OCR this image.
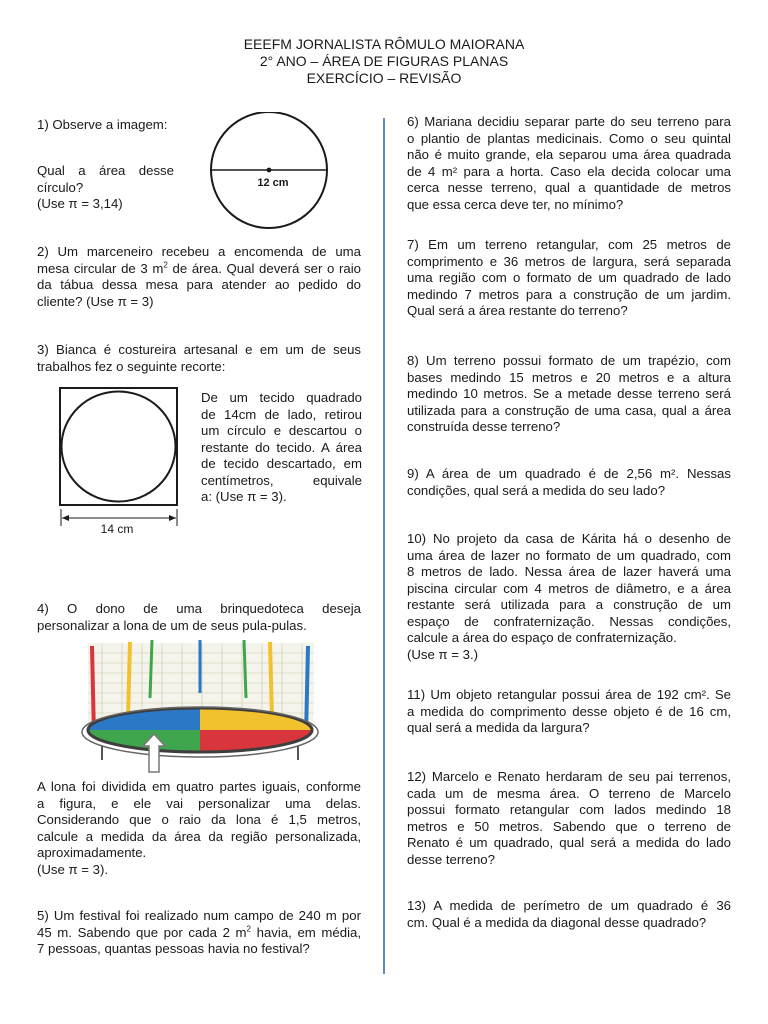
EEEFM JORNALISTA RÔMULO MAIORANA
2° ANO – ÁREA DE FIGURAS PLANAS
EXERCÍCIO – REVISÃO
1) Observe a imagem:
Qual a área desse
círculo?
(Use π = 3,14)
12 cm
2) Um marceneiro recebeu a encomenda de uma
mesa circular de 3 $m^2$ de área. Qual deverá ser o raio
da tábua dessa mesa para atender ao pedido do
cliente? (Use π = 3)
3) Bianca é costureira artesanal e em um de seus
trabalhos fez o seguinte recorte:
14 cm
De um tecido quadrado
de 14cm de lado, retirou
um círculo e descartou o
restante do tecido. A área
de tecido descartado, em
centímetros,	equivale
a: (Use π = 3).
4) O dono de uma brinquedoteca deseja
personalizar a lona de um de seus pula-pulas.
A lona foi dividida em quatro partes iguais, conforme
a figura, e ele vai personalizar uma delas.
Considerando que o raio da lona é 1,5 metros,
calcule a medida da área da região personalizada,
aproximadamente.
(Use π = 3).
5) Um festival foi realizado num campo de 240 m por
45 m. Sabendo que por cada 2 $m^2$ havia, em média,
7 pessoas, quantas pessoas havia no festival?
6) Mariana decidiu separar parte do seu terreno para
o plantio de plantas medicinais. Como o seu quintal
não é muito grande, ela separou uma área quadrada
de 4 m² para a horta. Caso ela decida colocar uma
cerca nesse terreno, qual a quantidade de metros
que essa cerca deve ter, no mínimo?
7) Em um terreno retangular, com 25 metros de
comprimento e 36 metros de largura, será separada
uma região com o formato de um quadrado de lado
medindo 7 metros para a construção de um jardim.
Qual será a área restante do terreno?
8) Um terreno possui formato de um trapézio, com
bases medindo 15 metros e 20 metros e a altura
medindo 10 metros. Se a metade desse terreno será
utilizada para a construção de uma casa, qual a área
construída desse terreno?
9) A área de um quadrado é de 2,56 m². Nessas
condições, qual será a medida do seu lado?
10) No projeto da casa de Kárita há o desenho de
uma área de lazer no formato de um quadrado, com
8 metros de lado. Nessa área de lazer haverá uma
piscina circular com 4 metros de diâmetro, e a área
restante será utilizada para a construção de um
espaço de confraternização. Nessas condições,
calcule a área do espaço de confraternização.
(Use π = 3.)
11) Um objeto retangular possui área de 192 cm². Se
a medida do comprimento desse objeto é de 16 cm,
qual será a medida da largura?
12) Marcelo e Renato herdaram de seu pai terrenos,
cada um de mesma área. O terreno de Marcelo
possui formato retangular com lados medindo 18
metros e 50 metros. Sabendo que o terreno de
Renato é um quadrado, qual será a medida do lado
desse terreno?
13) A medida de perímetro de um quadrado é 36
cm. Qual é a medida da diagonal desse quadrado?
